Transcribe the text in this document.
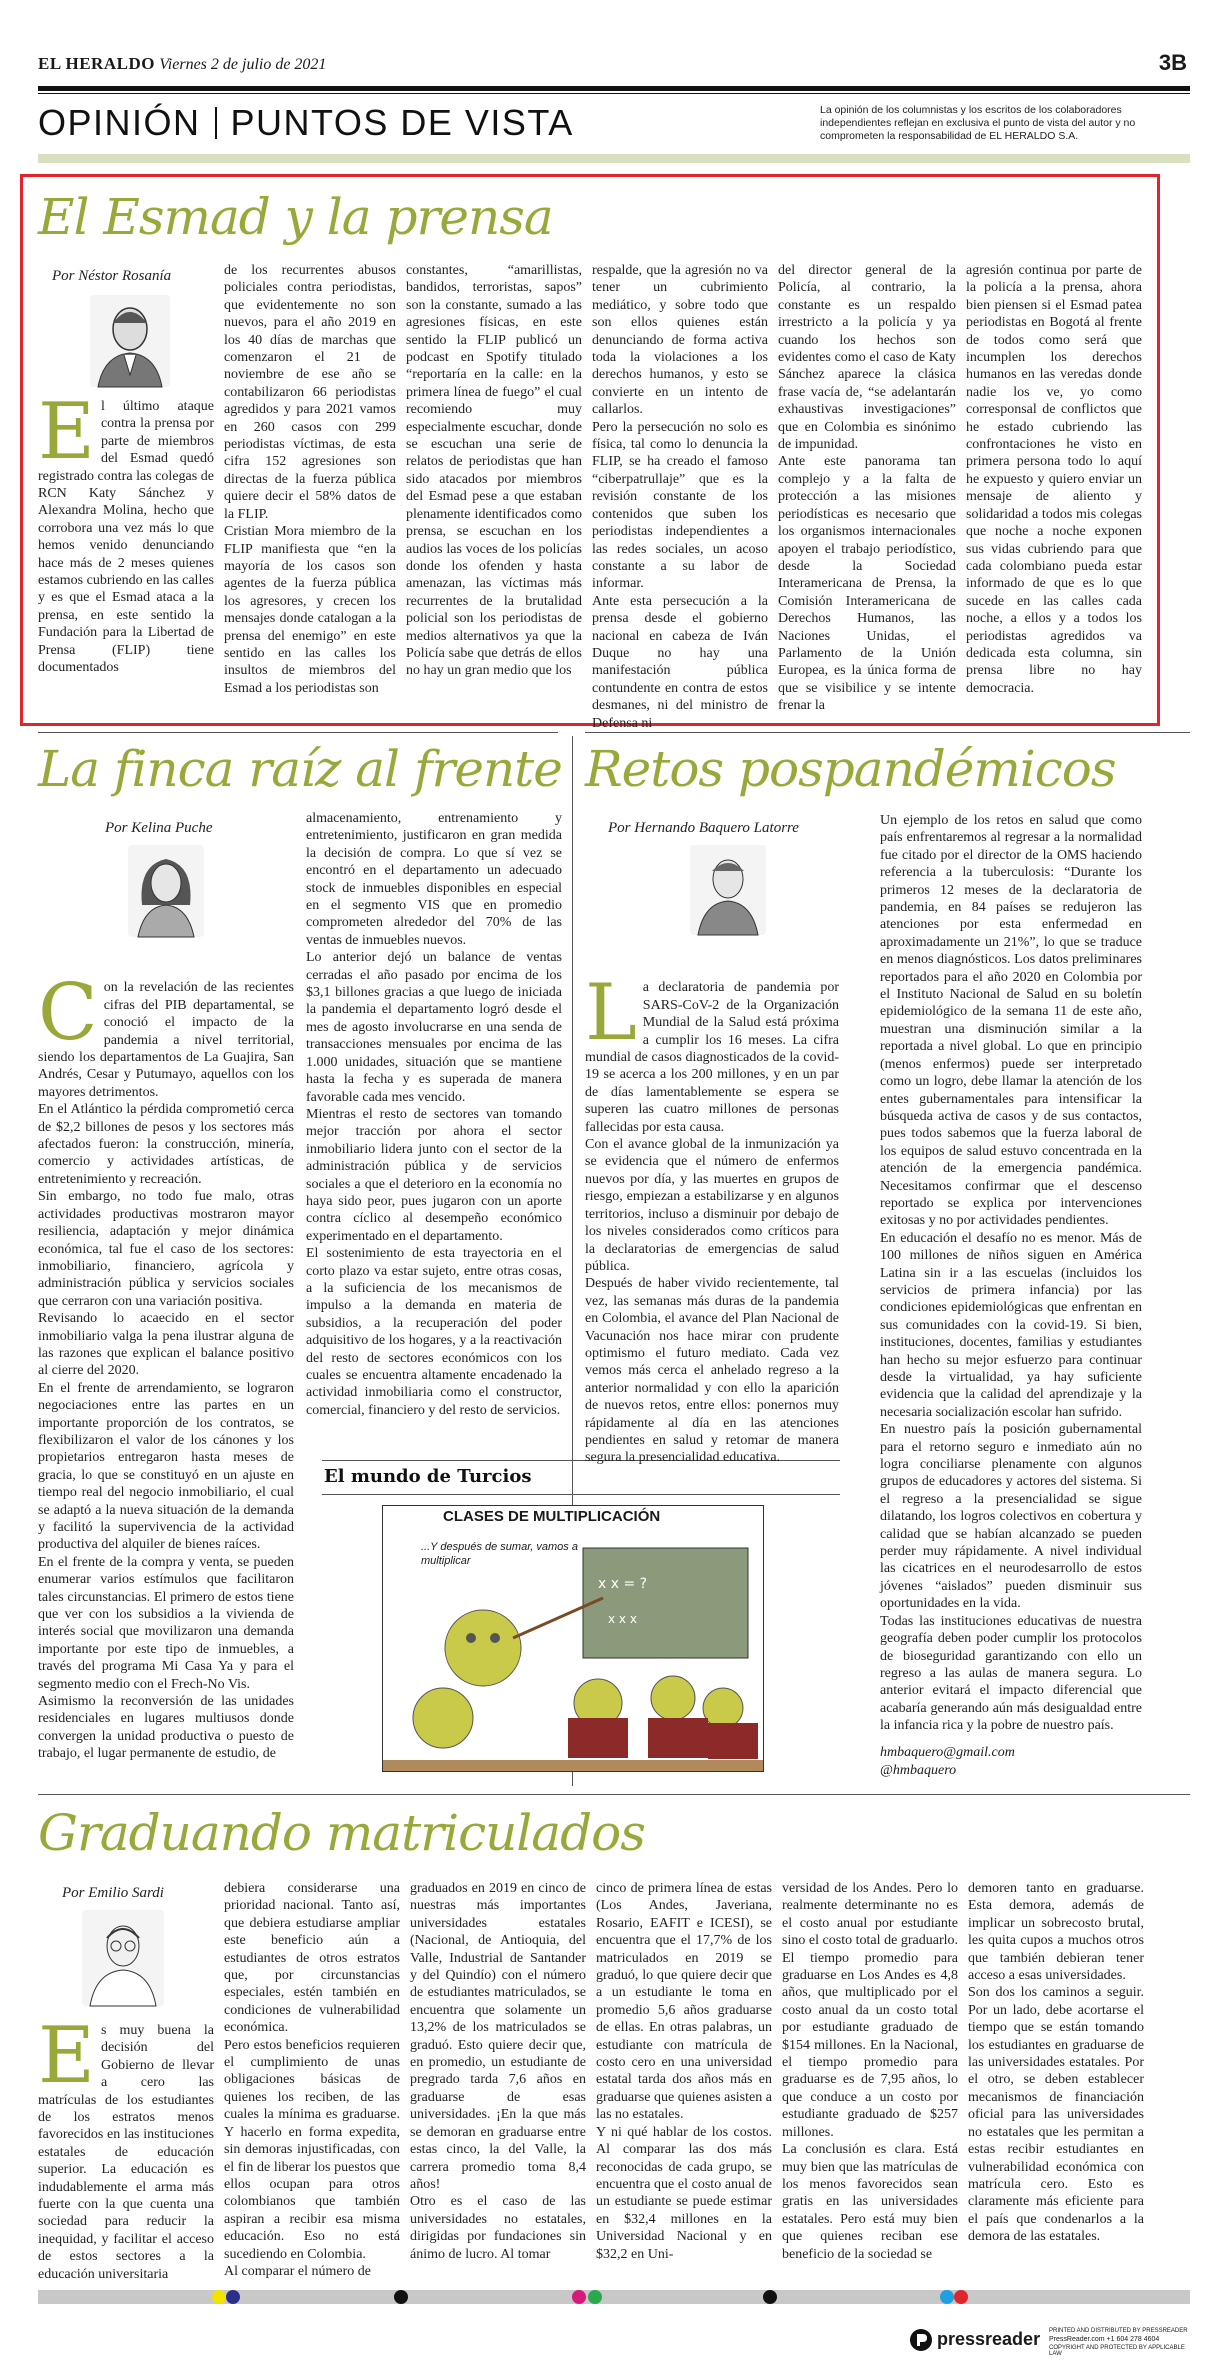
EL HERALDO Viernes 2 de julio de 2021	3B
OPINIÓN PUNTOS DE VISTA	La opinión de los columnistas y los escritos de los colaboradores independientes reflejan en exclusiva el punto de vista del autor y no comprometen la responsabilidad de EL HERALDO S.A.
El Esmad y la prensa
Por Néstor Rosanía
El último ataque contra la prensa por parte de miembros del Esmad quedó registrado contra las colegas de RCN Katy Sánchez y Alexandra Molina, hecho que corrobora una vez más lo que hemos venido denunciando hace más de 2 meses quienes estamos cubriendo en las calles y es que el Esmad ataca a la prensa, en este sentido la Fundación para la Libertad de Prensa (FLIP) tiene documentados
de los recurrentes abusos policiales contra periodistas, que evidentemente no son nuevos, para el año 2019 en los 40 días de marchas que comenzaron el 21 de noviembre de ese año se contabilizaron 66 periodistas agredidos y para 2021 vamos en 260 casos con 299 periodistas víctimas, de esta cifra 152 agresiones son directas de la fuerza pública quiere decir el 58% datos de la FLIP.
Cristian Mora miembro de la FLIP manifiesta que “en la mayoría de los casos son agentes de la fuerza pública los agresores, y crecen los mensajes donde catalogan a la prensa del enemigo” en este sentido en las calles los insultos de miembros del Esmad a los periodistas son
constantes, “amarillistas, bandidos, terroristas, sapos” son la constante, sumado a las agresiones físicas, en este sentido la FLIP publicó un podcast en Spotify titulado “reportaría en la calle: en la primera línea de fuego” el cual recomiendo muy especialmente escuchar, donde se escuchan una serie de relatos de periodistas que han sido atacados por miembros del Esmad pese a que estaban plenamente identificados como prensa, se escuchan en los audios las voces de los policías donde los ofenden y hasta amenazan, las víctimas más recurrentes de la brutalidad policial son los periodistas de medios alternativos ya que la Policía sabe que detrás de ellos no hay un gran medio que los
respalde, que la agresión no va tener un cubrimiento mediático, y sobre todo que son ellos quienes están denunciando de forma activa toda la violaciones a los derechos humanos, y esto se convierte en un intento de callarlos.
Pero la persecución no solo es física, tal como lo denuncia la FLIP, se ha creado el famoso “ciberpatrullaje” que es la revisión constante de los contenidos que suben los periodistas independientes a las redes sociales, un acoso constante a su labor de informar.
Ante esta persecución a la prensa desde el gobierno nacional en cabeza de Iván Duque no hay una manifestación pública contundente en contra de estos desmanes, ni del ministro de Defensa ni
del director general de la Policía, al contrario, la constante es un respaldo irrestricto a la policía y ya cuando los hechos son evidentes como el caso de Katy Sánchez aparece la clásica frase vacía de, “se adelantarán exhaustivas investigaciones” que en Colombia es sinónimo de impunidad.
Ante este panorama tan complejo y a la falta de protección a las misiones periodísticas es necesario que los organismos internacionales apoyen el trabajo periodístico, desde la Sociedad Interamericana de Prensa, la Comisión Interamericana de Derechos Humanos, las Naciones Unidas, el Parlamento de la Unión Europea, es la única forma de que se visibilice y se intente frenar la
agresión continua por parte de la policía a la prensa, ahora bien piensen si el Esmad patea periodistas en Bogotá al frente de todos como será que incumplen los derechos humanos en las veredas donde nadie los ve, yo como corresponsal de conflictos que he estado cubriendo las confrontaciones he visto en primera persona todo lo aquí he expuesto y quiero enviar un mensaje de aliento y solidaridad a todos mis colegas que noche a noche exponen sus vidas cubriendo para que cada colombiano pueda estar informado de que es lo que sucede en las calles cada noche, a ellos y a todos los periodistas agredidos va dedicada esta columna, sin prensa libre no hay democracia.
La finca raíz al frente
Por Kelina Puche

Con la revelación de las recientes cifras del PIB departamental, se conoció el impacto de la pandemia a nivel territorial, siendo los departamentos de La Guajira, San Andrés, Cesar y Putumayo, aquellos con los mayores detrimentos.
En el Atlántico la pérdida comprometió cerca de $2,2 billones de pesos y los sectores más afectados fueron: la construcción, minería, comercio y actividades artísticas, de entretenimiento y recreación.
Sin embargo, no todo fue malo, otras actividades productivas mostraron mayor resiliencia, adaptación y mejor dinámica económica, tal fue el caso de los sectores: inmobiliario, financiero, agrícola y administración pública y servicios sociales que cerraron con una variación positiva.
Revisando lo acaecido en el sector inmobiliario valga la pena ilustrar alguna de las razones que explican el balance positivo al cierre del 2020.
En el frente de arrendamiento, se lograron negociaciones entre las partes en un importante proporción de los contratos, se flexibilizaron el valor de los cánones y los propietarios entregaron hasta meses de gracia, lo que se constituyó en un ajuste en tiempo real del negocio inmobiliario, el cual se adaptó a la nueva situación de la demanda y facilitó la supervivencia de la actividad productiva del alquiler de bienes raíces.
En el frente de la compra y venta, se pueden enumerar varios estímulos que facilitaron tales circunstancias. El primero de estos tiene que ver con los subsidios a la vivienda de interés social que movilizaron una demanda importante por este tipo de inmuebles, a través del programa Mi Casa Ya y para el segmento medio con el Frech-No Vis.
Asimismo la reconversión de las unidades residenciales en lugares multiusos donde convergen la unidad productiva o puesto de trabajo, el lugar permanente de estudio, de

almacenamiento, entrenamiento y entretenimiento, justificaron en gran medida la decisión de compra. Lo que sí vez se encontró en el departamento un adecuado stock de inmuebles disponibles en especial en el segmento VIS que en promedio comprometen alrededor del 70% de las ventas de inmuebles nuevos.
Lo anterior dejó un balance de ventas cerradas el año pasado por encima de los $3,1 billones gracias a que luego de iniciada la pandemia el departamento logró desde el mes de agosto involucrarse en una senda de transacciones mensuales por encima de las 1.000 unidades, situación que se mantiene hasta la fecha y es superada de manera favorable cada mes vencido.
Mientras el resto de sectores van tomando mejor tracción por ahora el sector inmobiliario lidera junto con el sector de la administración pública y de servicios sociales a que el deterioro en la economía no haya sido peor, pues jugaron con un aporte contra cíclico al desempeño económico experimentado en el departamento.
El sostenimiento de esta trayectoria en el corto plazo va estar sujeto, entre otras cosas, a la suficiencia de los mecanismos de impulso a la demanda en materia de subsidios, a la recuperación del poder adquisitivo de los hogares, y a la reactivación del resto de sectores económicos con los cuales se encuentra altamente encadenado la actividad inmobiliaria como el constructor, comercial, financiero y del resto de servicios.
El mundo de Turcios
CLASES DE MULTIPLICACIÓN
...Y después de sumar, vamos a multiplicar
x x = ?
x x x
Retos pospandémicos
Por Hernando Baquero Latorre

La declaratoria de pandemia por SARS-CoV-2 de la Organización Mundial de la Salud está próxima a cumplir los 16 meses. La cifra mundial de casos diagnosticados de la covid-19 se acerca a los 200 millones, y en un par de días lamentablemente se espera se superen las cuatro millones de personas fallecidas por esta causa.
Con el avance global de la inmunización ya se evidencia que el número de enfermos nuevos por día, y las muertes en grupos de riesgo, empiezan a estabilizarse y en algunos territorios, incluso a disminuir por debajo de los niveles considerados como críticos para la declaratorias de emergencias de salud pública.
Después de haber vivido recientemente, tal vez, las semanas más duras de la pandemia en Colombia, el avance del Plan Nacional de Vacunación nos hace mirar con prudente optimismo el futuro mediato. Cada vez vemos más cerca el anhelado regreso a la anterior normalidad y con ello la aparición de nuevos retos, entre ellos: ponernos muy rápidamente al día en las atenciones pendientes en salud y retomar de manera segura la presencialidad educativa.

Un ejemplo de los retos en salud que como país enfrentaremos al regresar a la normalidad fue citado por el director de la OMS haciendo referencia a la tuberculosis: “Durante los primeros 12 meses de la declaratoria de pandemia, en 84 países se redujeron las atenciones por esta enfermedad en aproximadamente un 21%”, lo que se traduce en menos diagnósticos. Los datos preliminares reportados para el año 2020 en Colombia por el Instituto Nacional de Salud en su boletín epidemiológico de la semana 11 de este año, muestran una disminución similar a la reportada a nivel global. Lo que en principio (menos enfermos) puede ser interpretado como un logro, debe llamar la atención de los entes gubernamentales para intensificar la búsqueda activa de casos y de sus contactos, pues todos sabemos que la fuerza laboral de los equipos de salud estuvo concentrada en la atención de la emergencia pandémica. Necesitamos confirmar que el descenso reportado se explica por intervenciones exitosas y no por actividades pendientes.
En educación el desafío no es menor. Más de 100 millones de niños siguen en América Latina sin ir a las escuelas (incluidos los servicios de primera infancia) por las condiciones epidemiológicas que enfrentan en sus comunidades con la covid-19. Si bien, instituciones, docentes, familias y estudiantes han hecho su mejor esfuerzo para continuar desde la virtualidad, ya hay suficiente evidencia que la calidad del aprendizaje y la necesaria socialización escolar han sufrido.
En nuestro país la posición gubernamental para el retorno seguro e inmediato aún no logra conciliarse plenamente con algunos grupos de educadores y actores del sistema. Si el regreso a la presencialidad se sigue dilatando, los logros colectivos en cobertura y calidad que se habían alcanzado se pueden perder muy rápidamente. A nivel individual las cicatrices en el neurodesarrollo de estos jóvenes “aislados” pueden disminuir sus oportunidades en la vida.
Todas las instituciones educativas de nuestra geografía deben poder cumplir los protocolos de bioseguridad garantizando con ello un regreso a las aulas de manera segura. Lo anterior evitará el impacto diferencial que acabaría generando aún más desigualdad entre la infancia rica y la pobre de nuestro país.
hmbaquero@gmail.com
@hmbaquero
Graduando matriculados
Por Emilio Sardi
Es muy buena la decisión del Gobierno de llevar a cero las matrículas de los estudiantes de los estratos menos favorecidos en las instituciones estatales de educación superior. La educación es indudablemente el arma más fuerte con la que cuenta una sociedad para reducir la inequidad, y facilitar el acceso de estos sectores a la educación universitaria
debiera considerarse una prioridad nacional. Tanto así, que debiera estudiarse ampliar este beneficio aún a estudiantes de otros estratos que, por circunstancias especiales, estén también en condiciones de vulnerabilidad económica.
Pero estos beneficios requieren el cumplimiento de unas obligaciones básicas de quienes los reciben, de las cuales la mínima es graduarse. Y hacerlo en forma expedita, sin demoras injustificadas, con el fin de liberar los puestos que ellos ocupan para otros colombianos que también aspiran a recibir esa misma educación. Eso no está sucediendo en Colombia.
Al comparar el número de
graduados en 2019 en cinco de nuestras más importantes universidades estatales (Nacional, de Antioquia, del Valle, Industrial de Santander y del Quindío) con el número de estudiantes matriculados, se encuentra que solamente un 13,2% de los matriculados se graduó. Esto quiere decir que, en promedio, un estudiante de pregrado tarda 7,6 años en graduarse de esas universidades. ¡En la que más se demoran en graduarse entre estas cinco, la del Valle, la carrera promedio toma 8,4 años!
Otro es el caso de las universidades no estatales, dirigidas por fundaciones sin ánimo de lucro. Al tomar
cinco de primera línea de estas (Los Andes, Javeriana, Rosario, EAFIT e ICESI), se encuentra que el 17,7% de los matriculados en 2019 se graduó, lo que quiere decir que a un estudiante le toma en promedio 5,6 años graduarse de ellas. En otras palabras, un estudiante con matrícula de costo cero en una universidad estatal tarda dos años más en graduarse que quienes asisten a las no estatales.
Y ni qué hablar de los costos. Al comparar las dos más reconocidas de cada grupo, se encuentra que el costo anual de un estudiante se puede estimar en $32,4 millones en la Universidad Nacional y en $32,2 en Uni-
versidad de los Andes. Pero lo realmente determinante no es el costo anual por estudiante sino el costo total de graduarlo. El tiempo promedio para graduarse en Los Andes es 4,8 años, que multiplicado por el costo anual da un costo total por estudiante graduado de $154 millones. En la Nacional, el tiempo promedio para graduarse es de 7,95 años, lo que conduce a un costo por estudiante graduado de $257 millones.
La conclusión es clara. Está muy bien que las matrículas de los menos favorecidos sean gratis en las universidades estatales. Pero está muy bien que quienes reciban ese beneficio de la sociedad se
demoren tanto en graduarse. Esta demora, además de implicar un sobrecosto brutal, les quita cupos a muchos otros que también debieran tener acceso a esas universidades.
Son dos los caminos a seguir. Por un lado, debe acortarse el tiempo que se están tomando los estudiantes en graduarse de las universidades estatales. Por el otro, se deben establecer mecanismos de financiación oficial para las universidades no estatales que les permitan a estas recibir estudiantes en vulnerabilidad económica con matrícula cero. Esto es claramente más eficiente para el país que condenarlos a la demora de las estatales.
pressreader PRINTED AND DISTRIBUTED BY PRESSREADER
PressReader.com +1 604 278 4604
COPYRIGHT AND PROTECTED BY APPLICABLE LAW
